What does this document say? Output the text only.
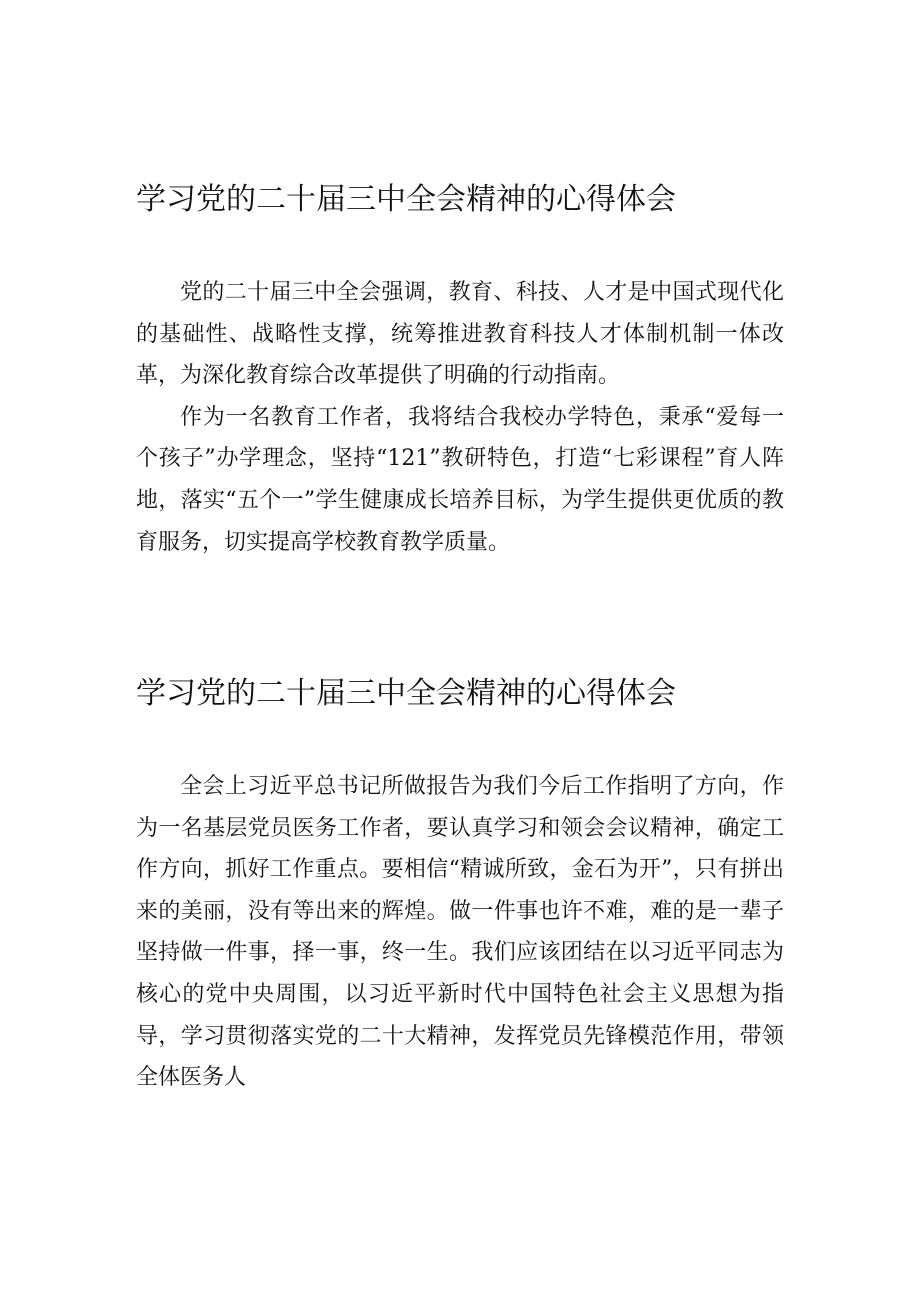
学习党的二十届三中全会精神的心得体会

党的二十届三中全会强调，教育、科技、人才是中国式现代化的基础性、战略性支撑，统筹推进教育科技人才体制机制一体改革，为深化教育综合改革提供了明确的行动指南。

作为一名教育工作者，我将结合我校办学特色，秉承“爱每一个孩子”办学理念，坚持“121”教研特色，打造“七彩课程”育人阵地，落实“五个一”学生健康成长培养目标，为学生提供更优质的教育服务，切实提高学校教育教学质量。

学习党的二十届三中全会精神的心得体会

全会上习近平总书记所做报告为我们今后工作指明了方向，作为一名基层党员医务工作者，要认真学习和领会会议精神，确定工作方向，抓好工作重点。要相信“精诚所致，金石为开”，只有拼出来的美丽，没有等出来的辉煌。做一件事也许不难，难的是一辈子坚持做一件事，择一事，终一生。我们应该团结在以习近平同志为核心的党中央周围，以习近平新时代中国特色社会主义思想为指导，学习贯彻落实党的二十大精神，发挥党员先锋模范作用，带领全体医务人
